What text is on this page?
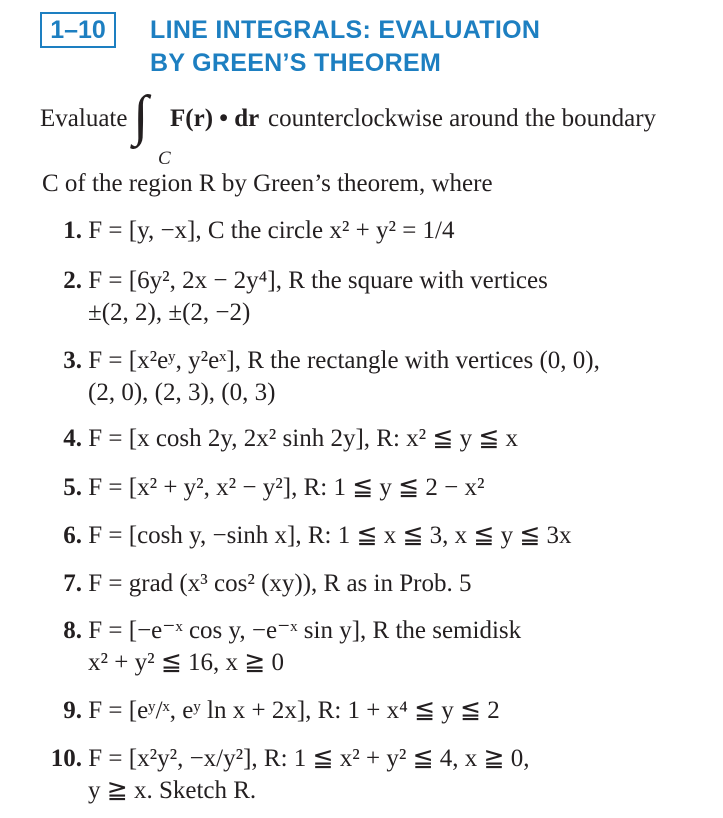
1–10	LINE INTEGRALS: EVALUATION
BY GREEN’S THEOREM
Evaluate ∫
C
F(r) • dr counterclockwise around the boundary
C of the region R by Green’s theorem, where
1. F = [y, −x], C the circle x² + y² = 1/4
2. F = [6y², 2x − 2y⁴], R the square with vertices
±(2, 2), ±(2, −2)
3. F = [x²eʸ, y²eˣ], R the rectangle with vertices (0, 0),
(2, 0), (2, 3), (0, 3)
4. F = [x cosh 2y, 2x² sinh 2y], R: x² ≦ y ≦ x
5. F = [x² + y², x² − y²], R: 1 ≦ y ≦ 2 − x²
6. F = [cosh y, −sinh x], R: 1 ≦ x ≦ 3, x ≦ y ≦ 3x
7. F = grad (x³ cos² (xy)), R as in Prob. 5
8. F = [−e⁻ˣ cos y, −e⁻ˣ sin y], R the semidisk
x² + y² ≦ 16, x ≧ 0
9. F = [eʸ/ˣ, eʸ ln x + 2x], R: 1 + x⁴ ≦ y ≦ 2
10. F = [x²y², −x/y²], R: 1 ≦ x² + y² ≦ 4, x ≧ 0,
y ≧ x. Sketch R.
